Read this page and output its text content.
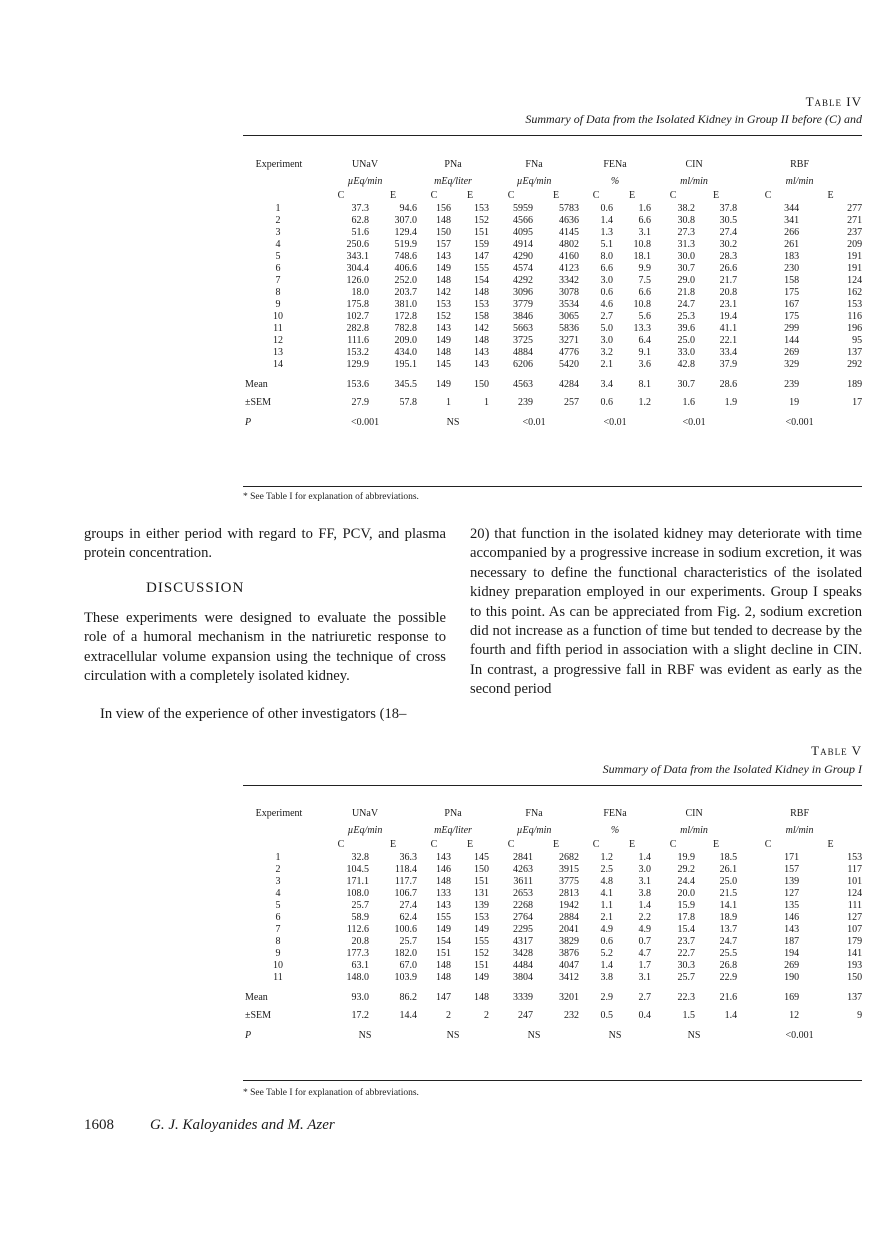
Table IV
Summary of Data from the Isolated Kidney in Group II before (C) and
Experiment	UNaV		PNa		FNa		FENa		CIN		RBF	
	µEq/min		mEq/liter		µEq/min		%		ml/min		ml/min	
	C	E	C	E	C	E	C	E	C	E	C	E
1	37.3	94.6	156	153	5959	5783	0.6	1.6	38.2	37.8	344	277
2	62.8	307.0	148	152	4566	4636	1.4	6.6	30.8	30.5	341	271
3	51.6	129.4	150	151	4095	4145	1.3	3.1	27.3	27.4	266	237
4	250.6	519.9	157	159	4914	4802	5.1	10.8	31.3	30.2	261	209
5	343.1	748.6	143	147	4290	4160	8.0	18.1	30.0	28.3	183	191
6	304.4	406.6	149	155	4574	4123	6.6	9.9	30.7	26.6	230	191
7	126.0	252.0	148	154	4292	3342	3.0	7.5	29.0	21.7	158	124
8	18.0	203.7	142	148	3096	3078	0.6	6.6	21.8	20.8	175	162
9	175.8	381.0	153	153	3779	3534	4.6	10.8	24.7	23.1	167	153
10	102.7	172.8	152	158	3846	3065	2.7	5.6	25.3	19.4	175	116
11	282.8	782.8	143	142	5663	5836	5.0	13.3	39.6	41.1	299	196
12	111.6	209.0	149	148	3725	3271	3.0	6.4	25.0	22.1	144	95
13	153.2	434.0	148	143	4884	4776	3.2	9.1	33.0	33.4	269	137
14	129.9	195.1	145	143	6206	5420	2.1	3.6	42.8	37.9	329	292

Mean	153.6	345.5	149	150	4563	4284	3.4	8.1	30.7	28.6	239	189
±SEM	27.9	57.8	1	1	239	257	0.6	1.2	1.6	1.9	19	17
P	<0.001		NS		<0.01		<0.01		<0.01		<0.001	
* See Table I for explanation of abbreviations.
groups in either period with regard to FF, PCV, and plasma protein concentration.
DISCUSSION
These experiments were designed to evaluate the possible role of a humoral mechanism in the natriuretic response to extracellular volume expansion using the technique of cross circulation with a completely isolated kidney.
In view of the experience of other investigators (18–
20) that function in the isolated kidney may deteriorate with time accompanied by a progressive increase in sodium excretion, it was necessary to define the functional characteristics of the isolated kidney preparation employed in our experiments. Group I speaks to this point. As can be appreciated from Fig. 2, sodium excretion did not increase as a function of time but tended to decrease by the fourth and fifth period in association with a slight decline in CIN. In contrast, a progressive fall in RBF was evident as early as the second period
Table V
Summary of Data from the Isolated Kidney in Group I
Experiment	UNaV		PNa		FNa		FENa		CIN		RBF	
	µEq/min		mEq/liter		µEq/min		%		ml/min		ml/min	
	C	E	C	E	C	E	C	E	C	E	C	E
1	32.8	36.3	143	145	2841	2682	1.2	1.4	19.9	18.5	171	153
2	104.5	118.4	146	150	4263	3915	2.5	3.0	29.2	26.1	157	117
3	171.1	117.7	148	151	3611	3775	4.8	3.1	24.4	25.0	139	101
4	108.0	106.7	133	131	2653	2813	4.1	3.8	20.0	21.5	127	124
5	25.7	27.4	143	139	2268	1942	1.1	1.4	15.9	14.1	135	111
6	58.9	62.4	155	153	2764	2884	2.1	2.2	17.8	18.9	146	127
7	112.6	100.6	149	149	2295	2041	4.9	4.9	15.4	13.7	143	107
8	20.8	25.7	154	155	4317	3829	0.6	0.7	23.7	24.7	187	179
9	177.3	182.0	151	152	3428	3876	5.2	4.7	22.7	25.5	194	141
10	63.1	67.0	148	151	4484	4047	1.4	1.7	30.3	26.8	269	193
11	148.0	103.9	148	149	3804	3412	3.8	3.1	25.7	22.9	190	150

Mean	93.0	86.2	147	148	3339	3201	2.9	2.7	22.3	21.6	169	137
±SEM	17.2	14.4	2	2	247	232	0.5	0.4	1.5	1.4	12	9
P	NS		NS		NS		NS		NS		<0.001	
* See Table I for explanation of abbreviations.
1608 G. J. Kaloyanides and M. Azer
